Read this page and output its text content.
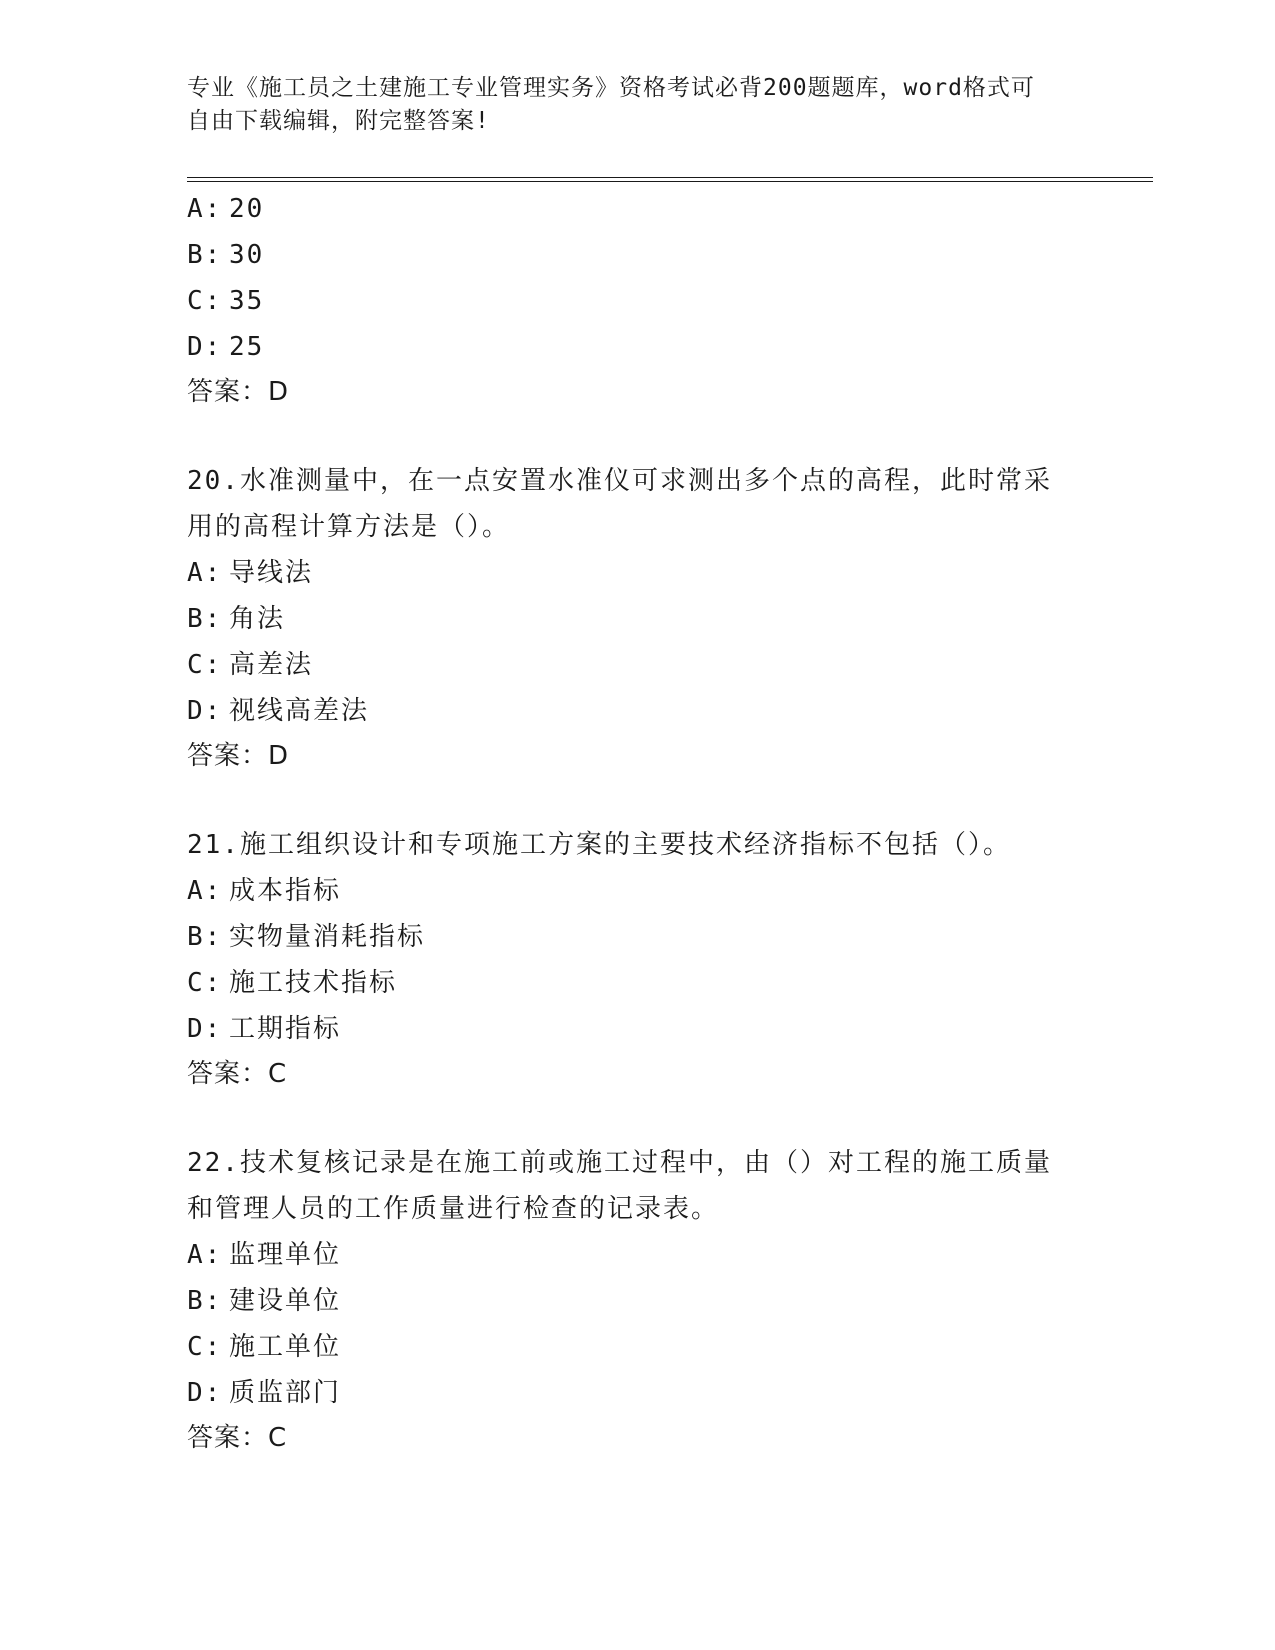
专业《施工员之土建施工专业管理实务》资格考试必背200题题库，word格式可
自由下载编辑，附完整答案!
A: 20
B: 30
C: 35
D: 25
答案：D
20.水准测量中，在一点安置水准仪可求测出多个点的高程，此时常采
用的高程计算方法是（）。
A: 导线法
B: 角法
C: 高差法
D: 视线高差法
答案：D
21.施工组织设计和专项施工方案的主要技术经济指标不包括（）。
A: 成本指标
B: 实物量消耗指标
C: 施工技术指标
D: 工期指标
答案：C
22.技术复核记录是在施工前或施工过程中，由（）对工程的施工质量
和管理人员的工作质量进行检查的记录表。
A: 监理单位
B: 建设单位
C: 施工单位
D: 质监部门
答案：C
